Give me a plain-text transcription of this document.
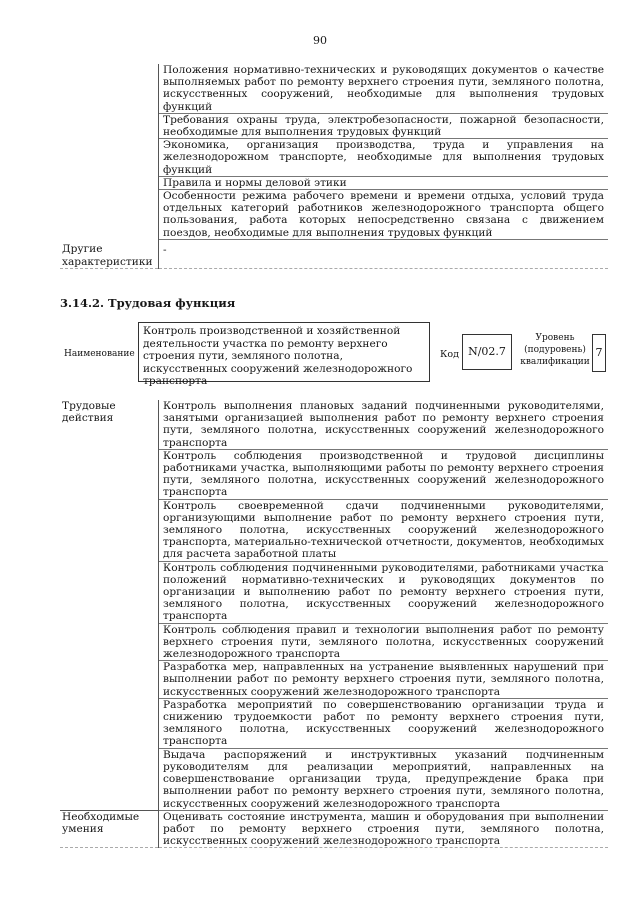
90
	Положения нормативно-технических и руководящих документов о качестве выполняемых работ по ремонту верхнего строения пути, земляного полотна, искусственных сооружений, необходимые для выполнения трудовых функций
	Требования охраны труда, электробезопасности, пожарной безопасности, необходимые для выполнения трудовых функций
	Экономика, организация производства, труда и управления на железнодорожном транспорте, необходимые для выполнения трудовых функций
	Правила и нормы деловой этики
	Особенности режима рабочего времени и времени отдыха, условий труда отдельных категорий работников железнодорожного транспорта общего пользования, работа которых непосредственно связана с движением поездов, необходимые для выполнения трудовых функций
Другие характеристики	-
3.14.2. Трудовая функция
Наименование
Контроль производственной и хозяйственной деятельности участка по ремонту верхнего строения пути, земляного полотна, искусственных сооружений железнодорожного транспорта
Код N/02.7
Уровень (подуровень) квалификации
7
Трудовые действия	Контроль выполнения плановых заданий подчиненными руководителями, занятыми организацией выполнения работ по ремонту верхнего строения пути, земляного полотна, искусственных сооружений железнодорожного транспорта
	Контроль соблюдения производственной и трудовой дисциплины работниками участка, выполняющими работы по ремонту верхнего строения пути, земляного полотна, искусственных сооружений железнодорожного транспорта
	Контроль своевременной сдачи подчиненными руководителями, организующими выполнение работ по ремонту верхнего строения пути, земляного полотна, искусственных сооружений железнодорожного транспорта, материально-технической отчетности, документов, необходимых для расчета заработной платы
	Контроль соблюдения подчиненными руководителями, работниками участка положений нормативно-технических и руководящих документов по организации и выполнению работ по ремонту верхнего строения пути, земляного полотна, искусственных сооружений железнодорожного транспорта
	Контроль соблюдения правил и технологии выполнения работ по ремонту верхнего строения пути, земляного полотна, искусственных сооружений железнодорожного транспорта
	Разработка мер, направленных на устранение выявленных нарушений при выполнении работ по ремонту верхнего строения пути, земляного полотна, искусственных сооружений железнодорожного транспорта
	Разработка мероприятий по совершенствованию организации труда и снижению трудоемкости работ по ремонту верхнего строения пути, земляного полотна, искусственных сооружений железнодорожного транспорта
	Выдача распоряжений и инструктивных указаний подчиненным руководителям для реализации мероприятий, направленных на совершенствование организации труда, предупреждение брака при выполнении работ по ремонту верхнего строения пути, земляного полотна, искусственных сооружений железнодорожного транспорта
Необходимые умения	Оценивать состояние инструмента, машин и оборудования при выполнении работ по ремонту верхнего строения пути, земляного полотна, искусственных сооружений железнодорожного транспорта
